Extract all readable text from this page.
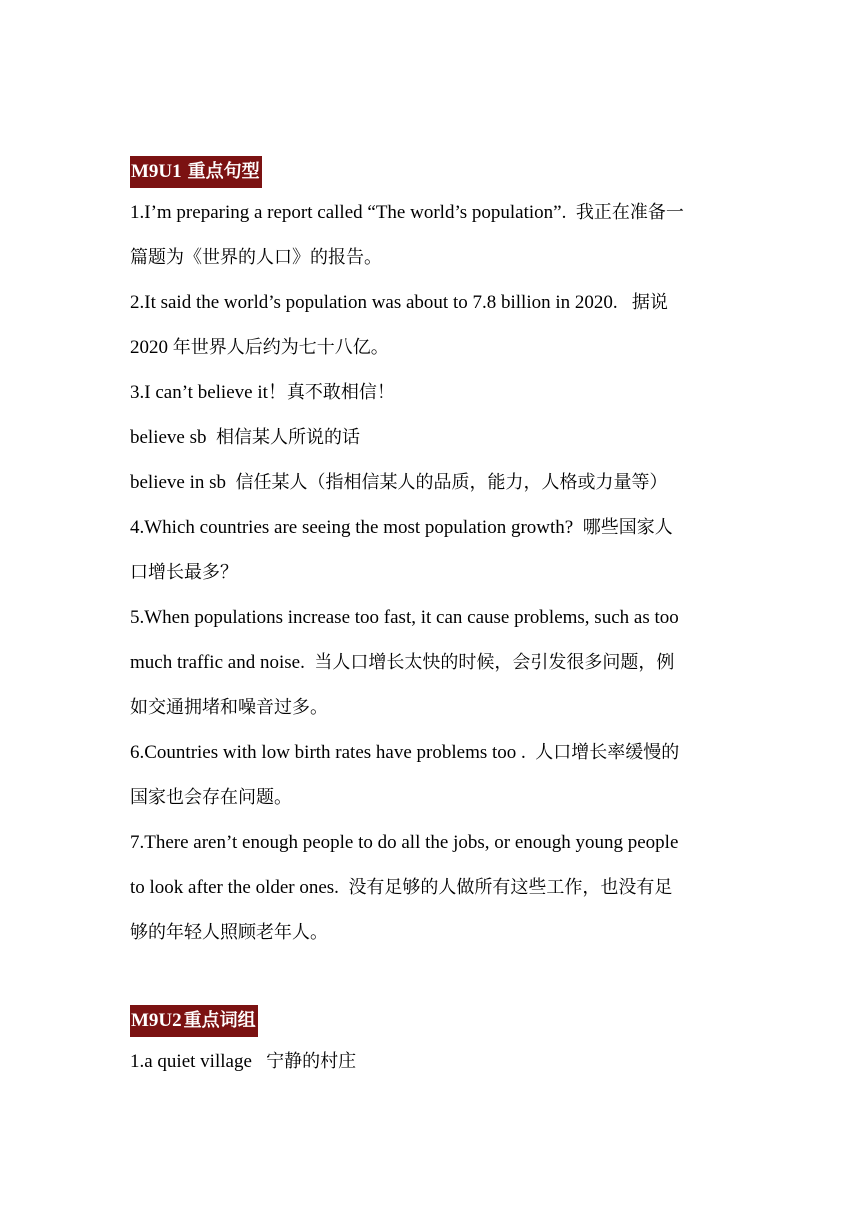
M9U1 重点句型

1.I’m preparing a report called “The world’s population”. 我正在准备一

篇题为《世界的人口》的报告。

2.It said the world’s population was about to 7.8 billion in 2020. 据说

2020 年世界人后约为七十八亿。

3.I can’t believe it！真不敢相信！

believe sb 相信某人所说的话

believe in sb 信任某人（指相信某人的品质，能力，人格或力量等）

4.Which countries are seeing the most population growth? 哪些国家人

口增长最多？

5.When populations increase too fast, it can cause problems, such as too

much traffic and noise. 当人口增长太快的时候，会引发很多问题，例

如交通拥堵和噪音过多。

6.Countries with low birth rates have problems too . 人口增长率缓慢的

国家也会存在问题。

7.There aren’t enough people to do all the jobs, or enough young people

to look after the older ones. 没有足够的人做所有这些工作，也没有足

够的年轻人照顾老年人。

M9U2 重点词组

1.a quiet village 宁静的村庄
